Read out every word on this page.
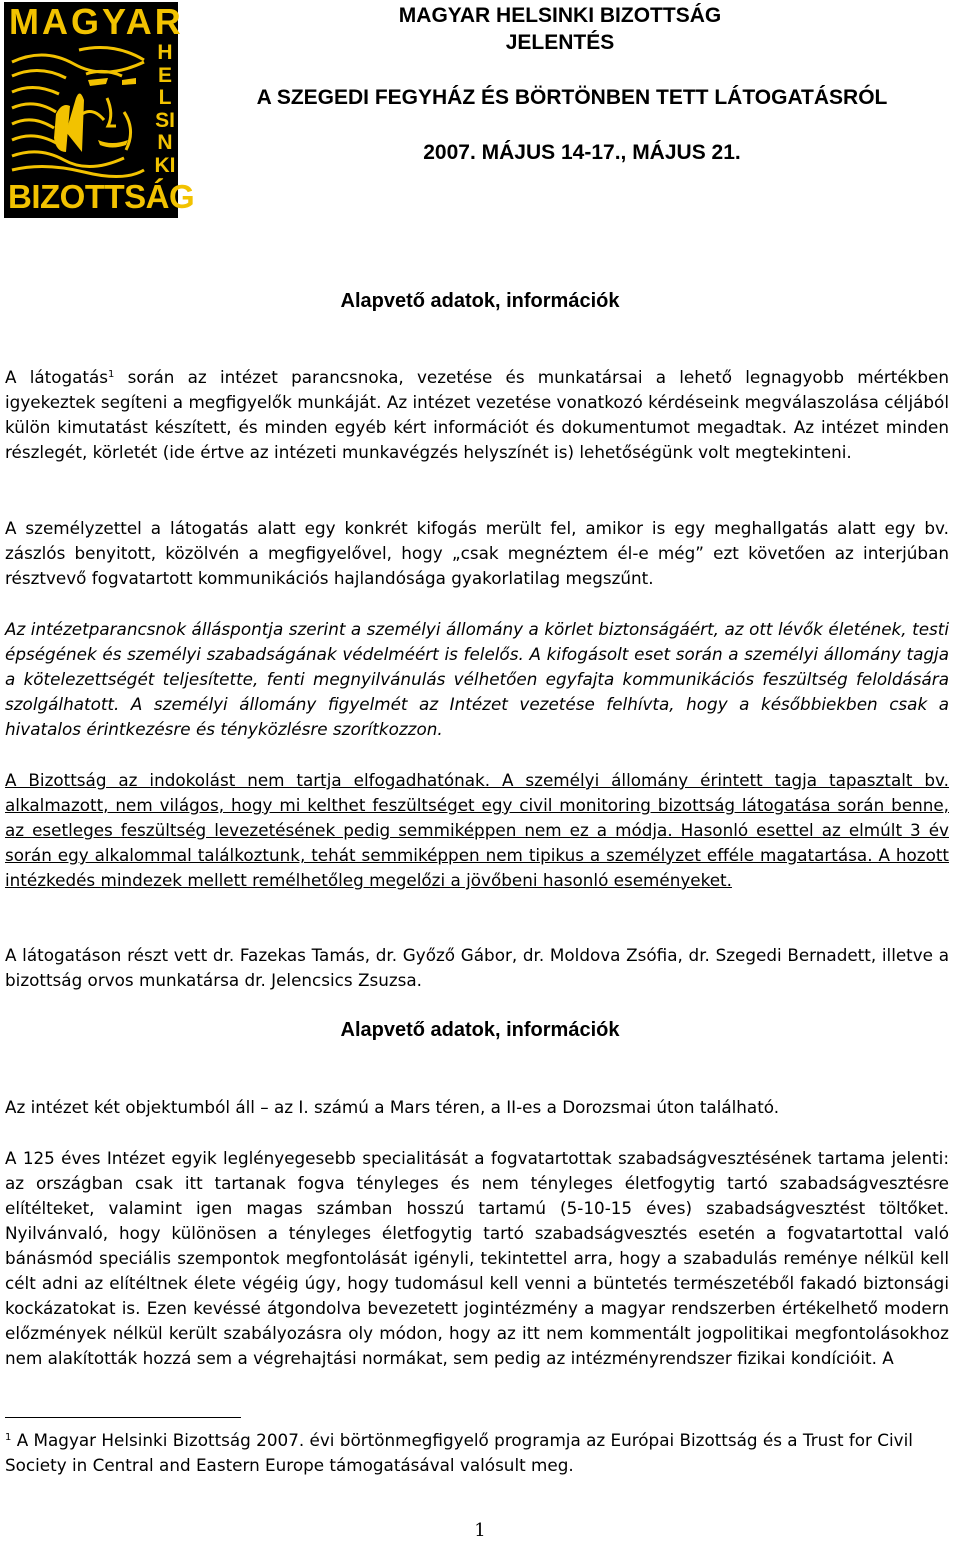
MAGYAR
HELSINKI
BIZOTTSÁG
MAGYAR HELSINKI BIZOTTSÁG
JELENTÉS
A SZEGEDI FEGYHÁZ ÉS BÖRTÖNBEN TETT LÁTOGATÁSRÓL
2007. MÁJUS 14-17., MÁJUS 21.
Alapvető adatok, információk
A látogatás$^1$ során az intézet parancsnoka, vezetése és munkatársai a lehető legnagyobb mértékben igyekeztek segíteni a megfigyelők munkáját. Az intézet vezetése vonatkozó kérdéseink megválaszolása céljából külön kimutatást készített, és minden egyéb kért információt és dokumentumot megadtak. Az intézet minden részlegét, körletét (ide értve az intézeti munkavégzés helyszínét is) lehetőségünk volt megtekinteni.
A személyzettel a látogatás alatt egy konkrét kifogás merült fel, amikor is egy meghallgatás alatt egy bv. zászlós benyitott, közölvén a megfigyelővel, hogy „csak megnéztem él-e még” ezt követően az interjúban résztvevő fogvatartott kommunikációs hajlandósága gyakorlatilag megszűnt.
Az intézetparancsnok álláspontja szerint a személyi állomány a körlet biztonságáért, az ott lévők életének, testi épségének és személyi szabadságának védelméért is felelős. A kifogásolt eset során a személyi állomány tagja a kötelezettségét teljesítette, fenti megnyilvánulás vélhetően egyfajta kommunikációs feszültség feloldására szolgálhatott. A személyi állomány figyelmét az Intézet vezetése felhívta, hogy a későbbiekben csak a hivatalos érintkezésre és tényközlésre szorítkozzon.
A Bizottság az indokolást nem tartja elfogadhatónak. A személyi állomány érintett tagja tapasztalt bv. alkalmazott, nem világos, hogy mi kelthet feszültséget egy civil monitoring bizottság látogatása során benne, az esetleges feszültség levezetésének pedig semmiképpen nem ez a módja. Hasonló esettel az elmúlt 3 év során egy alkalommal találkoztunk, tehát semmiképpen nem tipikus a személyzet efféle magatartása. A hozott intézkedés mindezek mellett remélhetőleg megelőzi a jövőbeni hasonló eseményeket.
A látogatáson részt vett dr. Fazekas Tamás, dr. Győző Gábor, dr. Moldova Zsófia, dr. Szegedi Bernadett, illetve a bizottság orvos munkatársa dr. Jelencsics Zsuzsa.
Alapvető adatok, információk
Az intézet két objektumból áll – az I. számú a Mars téren, a II-es a Dorozsmai úton található.
A 125 éves Intézet egyik leglényegesebb specialitását a fogvatartottak szabadságvesztésének tartama jelenti: az országban csak itt tartanak fogva tényleges és nem tényleges életfogytig tartó szabadságvesztésre elítélteket, valamint igen magas számban hosszú tartamú (5-10-15 éves) szabadságvesztést töltőket. Nyilvánvaló, hogy különösen a tényleges életfogytig tartó szabadságvesztés esetén a fogvatartottal való bánásmód speciális szempontok megfontolását igényli, tekintettel arra, hogy a szabadulás reménye nélkül kell célt adni az elítéltnek élete végéig úgy, hogy tudomásul kell venni a büntetés természetéből fakadó biztonsági kockázatokat is. Ezen kevéssé átgondolva bevezetett jogintézmény a magyar rendszerben értékelhető modern előzmények nélkül került szabályozásra oly módon, hogy az itt nem kommentált jogpolitikai megfontolásokhoz nem alakították hozzá sem a végrehajtási normákat, sem pedig az intézményrendszer fizikai kondícióit. A
$^1$ A Magyar Helsinki Bizottság 2007. évi börtönmegfigyelő programja az Európai Bizottság és a Trust for Civil Society in Central and Eastern Europe támogatásával valósult meg.
1
